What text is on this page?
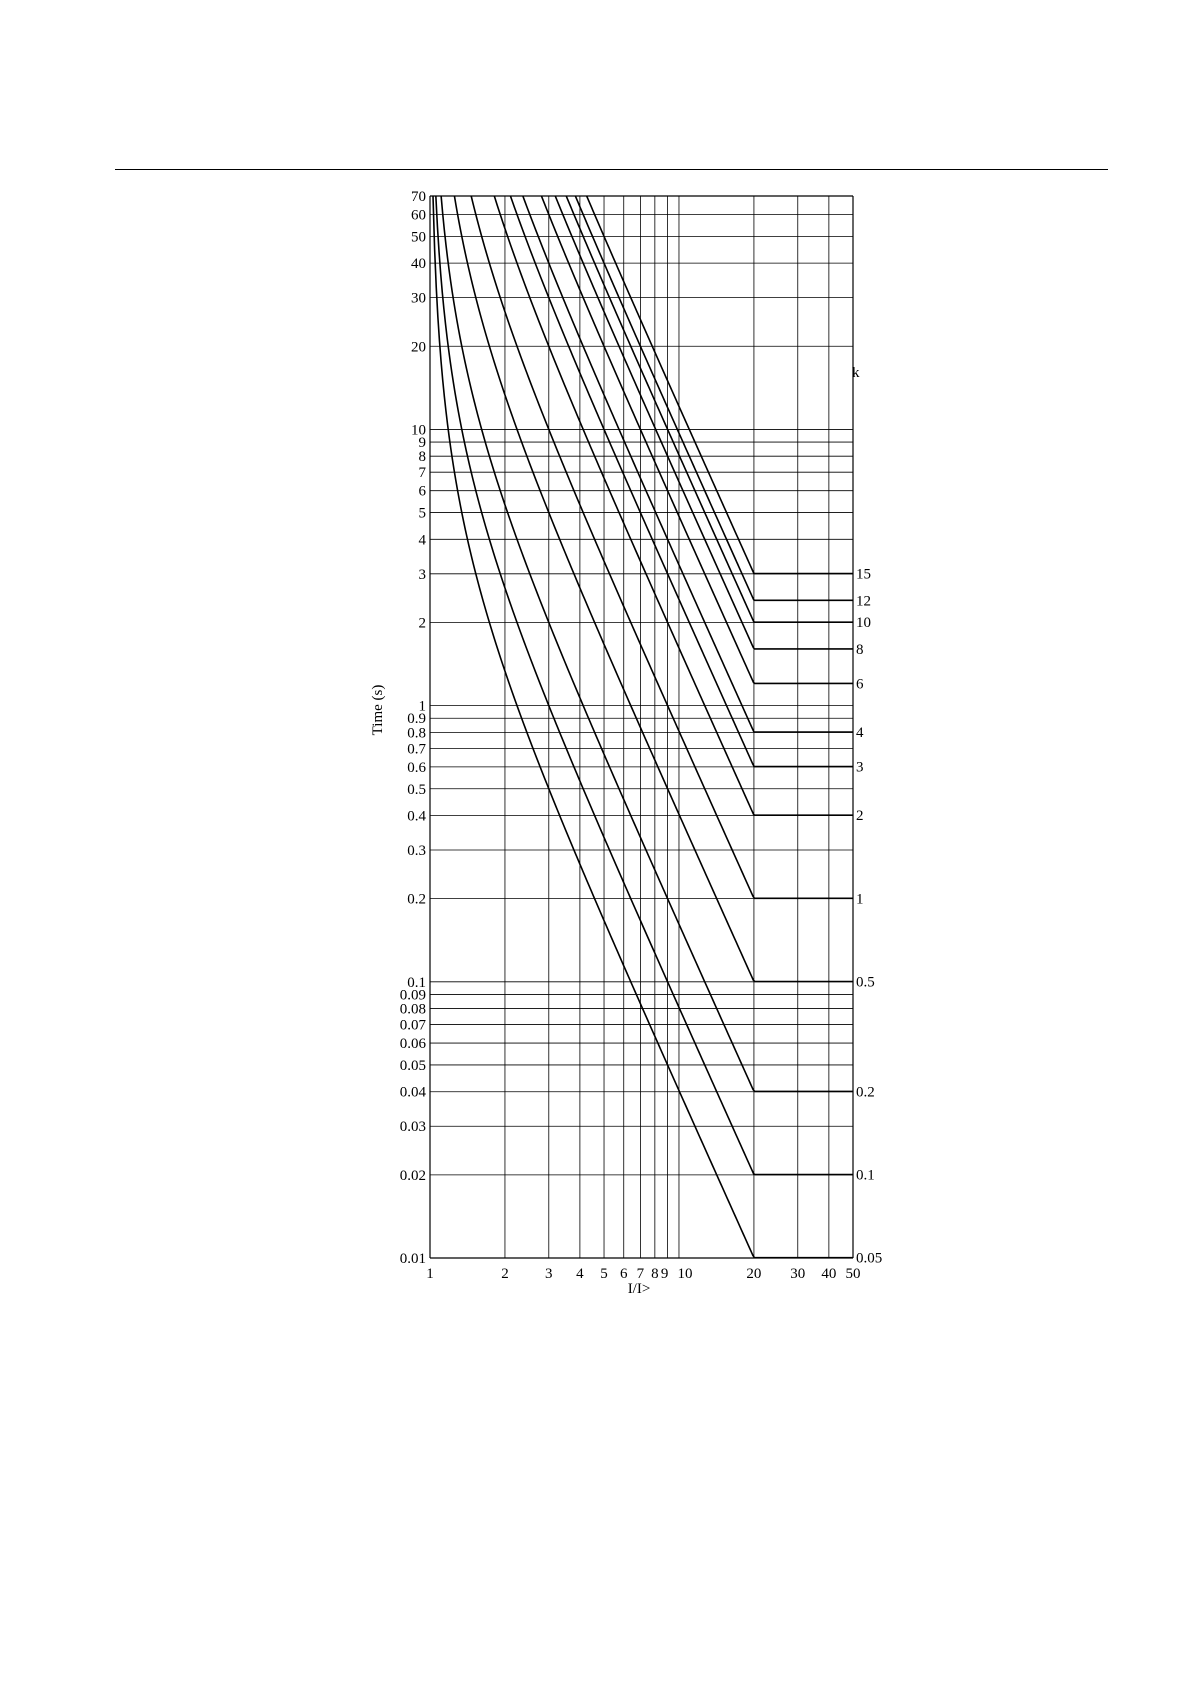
1	2 3 4 5 6 7 8 9 10	20 30 40 50
0.01
0.02
0.03
0.04
0.05
0.06
0.07
0.08
0.09
0.1
0.2
0.3
0.4
0.5
0.6
0.7
0.8
0.9
1
2
3
4
5
6
7
8
9
10
20
30
40
50
60
70
0.05
0.1
0.2
0.5
1
2
3
4
6
8
10
12
15
k
I/I>
Time (s)
